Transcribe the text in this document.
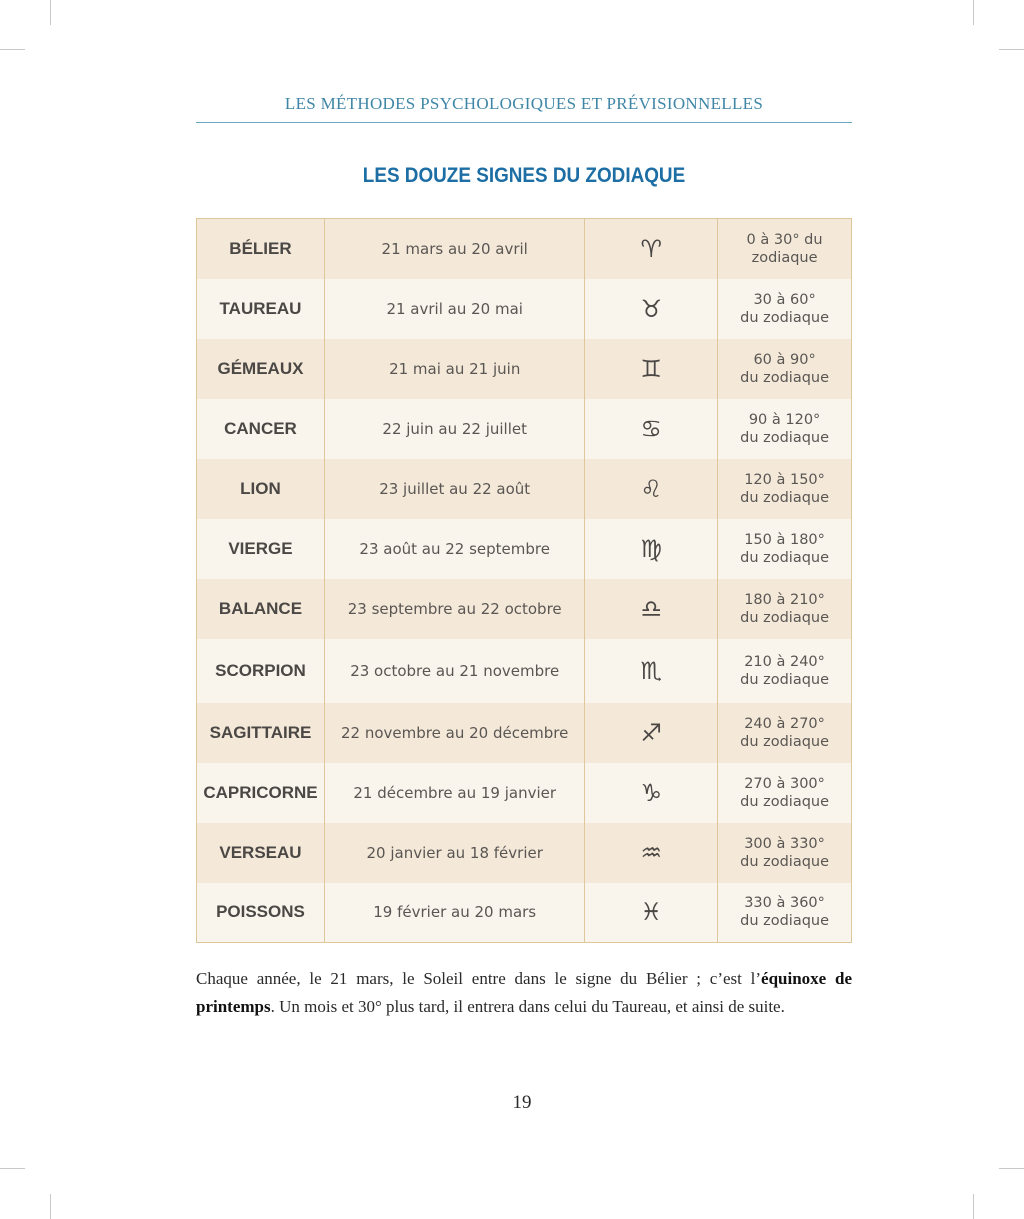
LES MÉTHODES PSYCHOLOGIQUES ET PRÉVISIONNELLES
LES DOUZE SIGNES DU ZODIAQUE
BÉLIER	21 mars au 20 avril	♈	0 à 30° du
zodiaque

TAUREAU	21 avril au 20 mai	♉	30 à 60°
du zodiaque

GÉMEAUX	21 mai au 21 juin	♊	60 à 90°
du zodiaque

CANCER	22 juin au 22 juillet	♋	90 à 120°
du zodiaque

LION	23 juillet au 22 août	♌	120 à 150°
du zodiaque

VIERGE	23 août au 22 septembre	♍	150 à 180°
du zodiaque

BALANCE	23 septembre au 22 octobre	♎	180 à 210°
du zodiaque

SCORPION	23 octobre au 21 novembre	♏	210 à 240°
du zodiaque

SAGITTAIRE	22 novembre au 20 décembre	♐	240 à 270°
du zodiaque

CAPRICORNE	21 décembre au 19 janvier	♑	270 à 300°
du zodiaque

VERSEAU	20 janvier au 18 février	♒	300 à 330°
du zodiaque

POISSONS	19 février au 20 mars	♓	330 à 360°
du zodiaque
Chaque année, le 21 mars, le Soleil entre dans le signe du Bélier ; c’est l’équinoxe de printemps. Un mois et 30° plus tard, il entrera dans celui du Taureau, et ainsi de suite.
19
